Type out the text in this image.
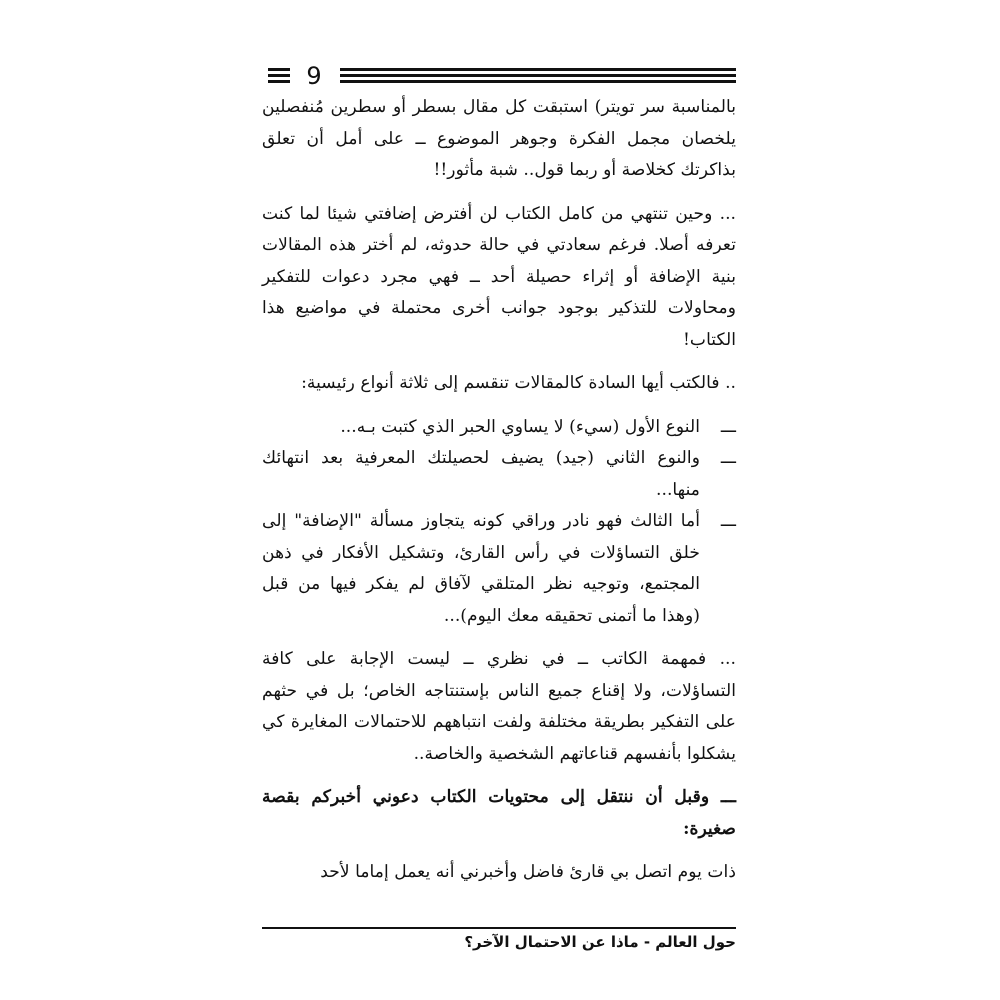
9

بالمناسبة سر تويتر) استبقت كل مقال بسطر أو سطرين مُنفصلين يلخصان مجمل الفكرة وجوهر الموضوع ــ على أمل أن تعلق بذاكرتك كخلاصة أو ربما قول.. شبة مأثور!!

... وحين تنتهي من كامل الكتاب لن أفترض إضافتي شيئا لما كنت تعرفه أصلا. فرغم سعادتي في حالة حدوثه، لم أختر هذه المقالات بنية الإضافة أو إثراء حصيلة أحد ــ فهي مجرد دعوات للتفكير ومحاولات للتذكير بوجود جوانب أخرى محتملة في مواضيع هذا الكتاب!

.. فالكتب أيها السادة كالمقالات تنقسم إلى ثلاثة أنواع رئيسية:

ـــ

النوع الأول (سيء) لا يساوي الحبر الذي كتبت بـه...

ـــ

والنوع الثاني (جيد) يضيف لحصيلتك المعرفية بعد انتهائك منها...

ـــ

أما الثالث فهو نادر وراقي كونه يتجاوز مسألة "الإضافة" إلى خلق التساؤلات في رأس القارئ، وتشكيل الأفكار في ذهن المجتمع، وتوجيه نظر المتلقي لآفاق لم يفكر فيها من قبل (وهذا ما أتمنى تحقيقه معك اليوم)...

... فمهمة الكاتب ــ في نظري ــ ليست الإجابة على كافة التساؤلات، ولا إقناع جميع الناس بإستنتاجه الخاص؛ بل في حثهم على التفكير بطريقة مختلفة ولفت انتباههم للاحتمالات المغايرة كي يشكلوا بأنفسهم قناعاتهم الشخصية والخاصة..

ـــ وقبل أن ننتقل إلى محتويات الكتاب دعوني أخبركم بقصة صغيرة:

ذات يوم اتصل بي قارئ فاضل وأخبرني أنه يعمل إماما لأحد

حول العالم - ماذا عن الاحتمال الآخر؟
